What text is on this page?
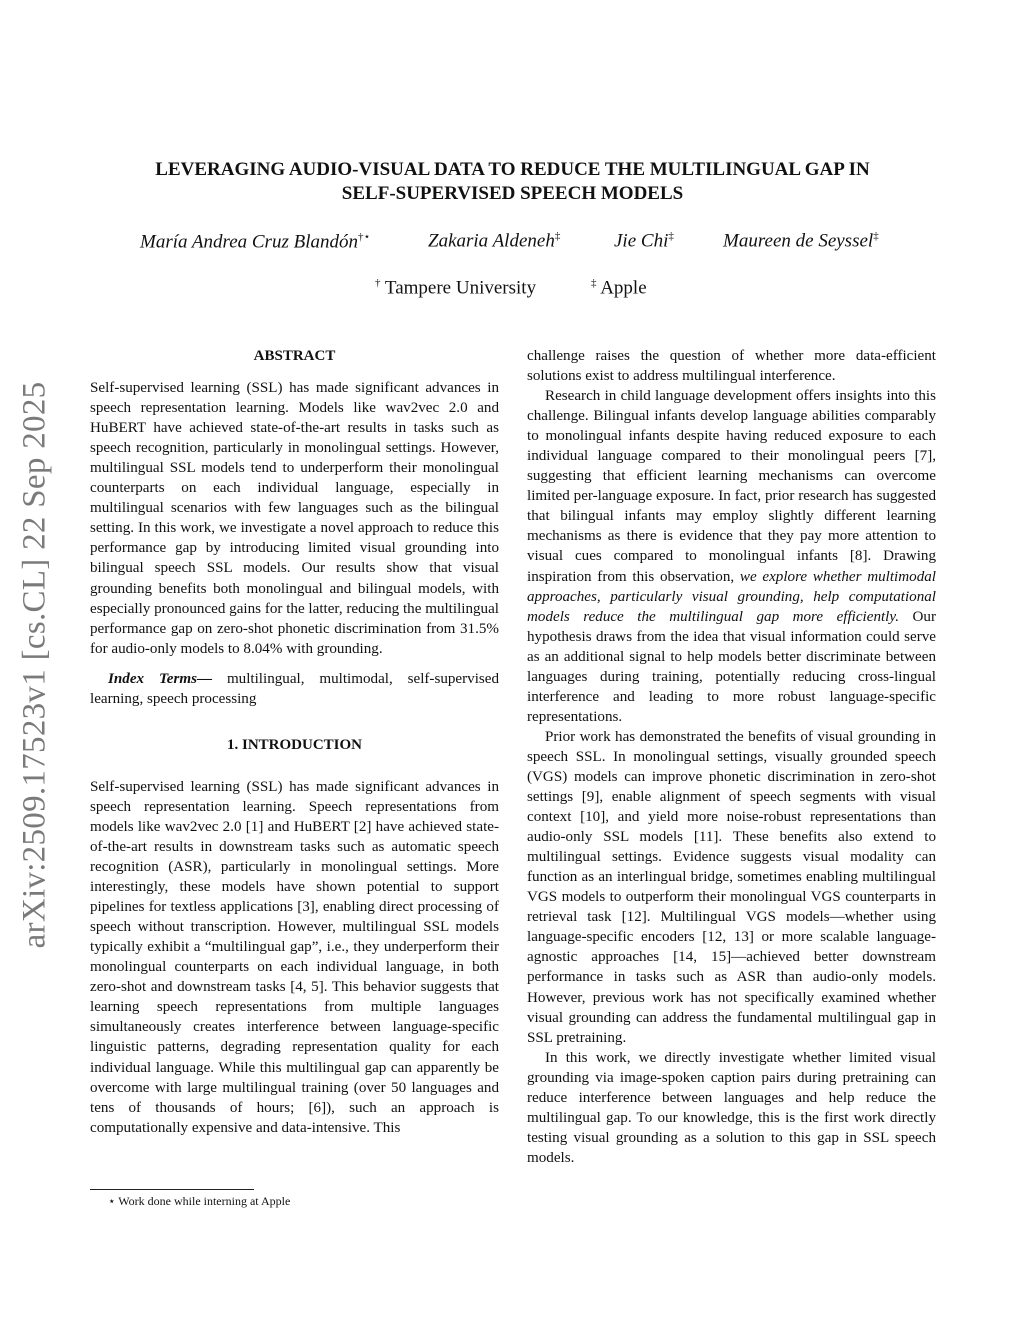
arXiv:2509.17523v1 [cs.CL] 22 Sep 2025
LEVERAGING AUDIO-VISUAL DATA TO REDUCE THE MULTILINGUAL GAP IN
SELF-SUPERVISED SPEECH MODELS
María Andrea Cruz Blandón†⋆	Zakaria Aldeneh‡	Jie Chi‡	Maureen de Seyssel‡
† Tampere University	‡ Apple
ABSTRACT

Self-supervised learning (SSL) has made significant advances in speech representation learning. Models like wav2vec 2.0 and HuBERT have achieved state-of-the-art results in tasks such as speech recognition, particularly in monolingual settings. However, multilingual SSL models tend to underperform their monolingual counterparts on each individual language, especially in multilingual scenarios with few languages such as the bilingual setting. In this work, we investigate a novel approach to reduce this performance gap by introducing limited visual grounding into bilingual speech SSL models. Our results show that visual grounding benefits both monolingual and bilingual models, with especially pronounced gains for the latter, reducing the multilingual performance gap on zero-shot phonetic discrimination from 31.5% for audio-only models to 8.04% with grounding.

Index Terms— multilingual, multimodal, self-supervised learning, speech processing

1. INTRODUCTION

Self-supervised learning (SSL) has made significant advances in speech representation learning. Speech representations from models like wav2vec 2.0 [1] and HuBERT [2] have achieved state-of-the-art results in downstream tasks such as automatic speech recognition (ASR), particularly in monolingual settings. More interestingly, these models have shown potential to support pipelines for textless applications [3], enabling direct processing of speech without transcription. However, multilingual SSL models typically exhibit a “multilingual gap”, i.e., they underperform their monolingual counterparts on each individual language, in both zero-shot and downstream tasks [4, 5]. This behavior suggests that learning speech representations from multiple languages simultaneously creates interference between language-specific linguistic patterns, degrading representation quality for each individual language. While this multilingual gap can apparently be overcome with large multilingual training (over 50 languages and tens of thousands of hours; [6]), such an approach is computationally expensive and data-intensive. This

challenge raises the question of whether more data-efficient solutions exist to address multilingual interference.

Research in child language development offers insights into this challenge. Bilingual infants develop language abilities comparably to monolingual infants despite having reduced exposure to each individual language compared to their monolingual peers [7], suggesting that efficient learning mechanisms can overcome limited per-language exposure. In fact, prior research has suggested that bilingual infants may employ slightly different learning mechanisms as there is evidence that they pay more attention to visual cues compared to monolingual infants [8]. Drawing inspiration from this observation, we explore whether multimodal approaches, particularly visual grounding, help computational models reduce the multilingual gap more efficiently. Our hypothesis draws from the idea that visual information could serve as an additional signal to help models better discriminate between languages during training, potentially reducing cross-lingual interference and leading to more robust language-specific representations.

Prior work has demonstrated the benefits of visual grounding in speech SSL. In monolingual settings, visually grounded speech (VGS) models can improve phonetic discrimination in zero-shot settings [9], enable alignment of speech segments with visual context [10], and yield more noise-robust representations than audio-only SSL models [11]. These benefits also extend to multilingual settings. Evidence suggests visual modality can function as an interlingual bridge, sometimes enabling multilingual VGS models to outperform their monolingual VGS counterparts in retrieval task [12]. Multilingual VGS models—whether using language-specific encoders [12, 13] or more scalable language-agnostic approaches [14, 15]—achieved better downstream performance in tasks such as ASR than audio-only models. However, previous work has not specifically examined whether visual grounding can address the fundamental multilingual gap in SSL pretraining.

In this work, we directly investigate whether limited visual grounding via image-spoken caption pairs during pretraining can reduce interference between languages and help reduce the multilingual gap. To our knowledge, this is the first work directly testing visual grounding as a solution to this gap in SSL speech models.

⋆ Work done while interning at Apple
